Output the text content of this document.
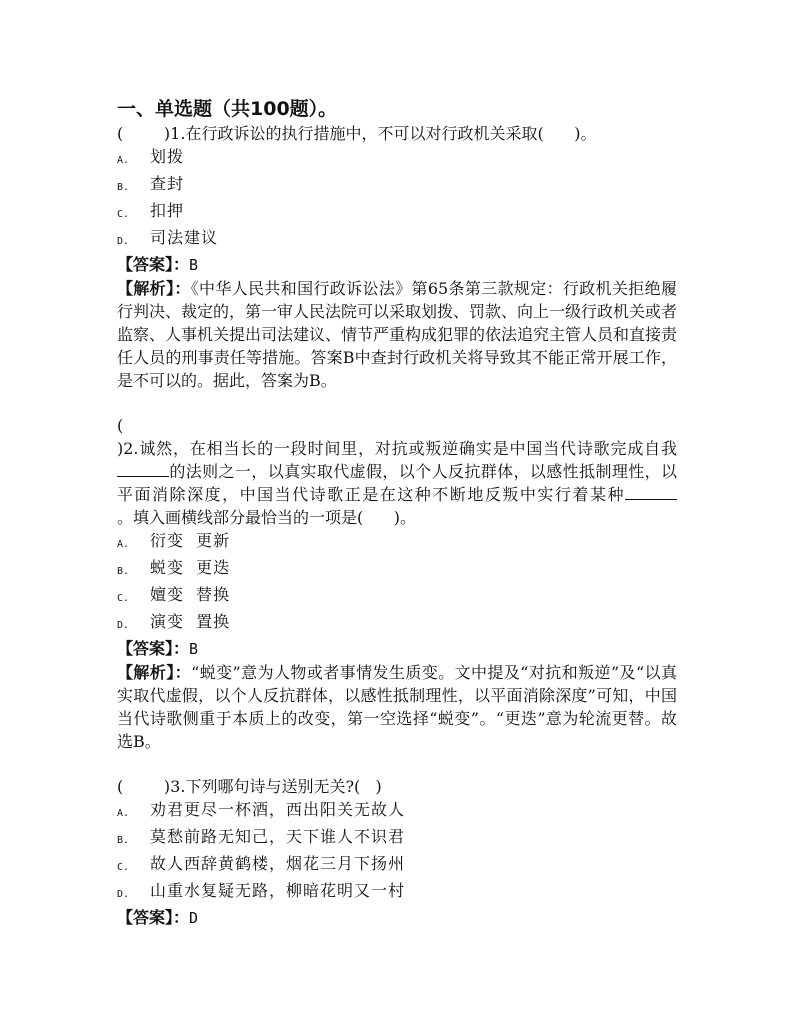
一、单选题（共100题）。

(        )1.在行政诉讼的执行措施中，不可以对行政机关采取(      )。

A.	划拨

B.	查封

C.	扣押

D.	司法建议

【答案】：B

【解析】：《中华人民共和国行政诉讼法》第65条第三款规定：行政机关拒绝履行判决、裁定的，第一审人民法院可以采取划拨、罚款、向上一级行政机关或者监察、人事机关提出司法建议、情节严重构成犯罪的依法追究主管人员和直接责任人员的刑事责任等措施。答案B中查封行政机关将导致其不能正常开展工作，是不可以的。据此，答案为B。

(

)2.诚然，在相当长的一段时间里，对抗或叛逆确实是中国当代诗歌完成自我的法则之一，以真实取代虚假，以个人反抗群体，以感性抵制理性，以平面消除深度，中国当代诗歌正是在这种不断地反叛中实行着某种。填入画横线部分最恰当的一项是(      )。

A.	衍变  更新

B.	蜕变  更迭

C.	嬗变  替换

D.	演变  置换

【答案】：B

【解析】：“蜕变”意为人物或者事情发生质变。文中提及“对抗和叛逆”及“以真实取代虚假，以个人反抗群体，以感性抵制理性，以平面消除深度”可知，中国当代诗歌侧重于本质上的改变，第一空选择“蜕变”。“更迭”意为轮流更替。故选B。

(        )3.下列哪句诗与送别无关?(   )

A.	劝君更尽一杯酒，西出阳关无故人

B.	莫愁前路无知己，天下谁人不识君

C.	故人西辞黄鹤楼，烟花三月下扬州

D.	山重水复疑无路，柳暗花明又一村

【答案】：D
